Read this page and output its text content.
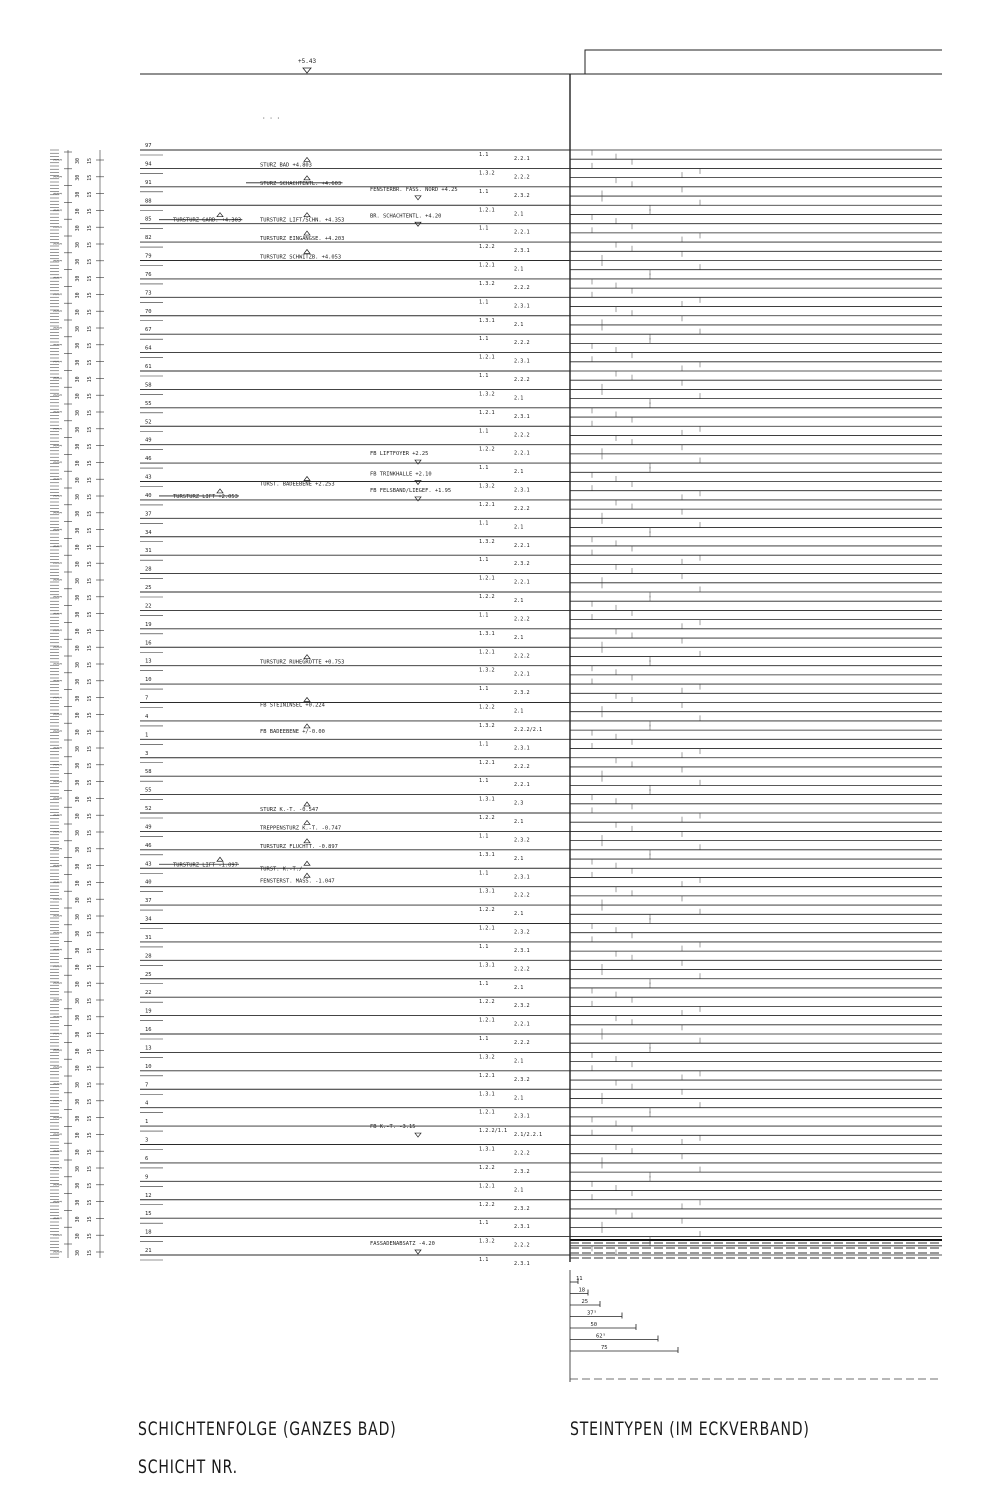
+5.43
· · ·
30 15
3 3 3
30 15
3 3 3
30 15
3 3 3
30 15
3 3 3
30 15
3 3 3
30 15
3 3 3
30 15
3 3 3
30 15
3 3 3
30 15
3 3 3
30 15
3 3 3
30 15
3 3 3
30 15
3 3 3
30 15
3 3 3
30 15
3 3 3
30 15
3 3 3
30 15
3 3 3
30 15
3 3 3
30 15
3 3 3
30 15
3 3 3
30 15
3 3 3
30 15
3 3 3
30 15
3 3 3
30 15
3 3 3
30 15
3 3 3
30 15
3 3 3
30 15
3 3 3
30 15
3 3 3
30 15
3 3 3
30 15
3 3 3
30 15
3 3 3
30 15
3 3 3
30 15
3 3 3
30 15
3 3 3
30 15
3 3 3
30 15
3 3 3
30 15
3 3 3
30 15
3 3 3
30 15
3 3 3
30 15
3 3 3
30 15
3 3 3
30 15
3 3 3
30 15
3 3 3
30 15
3 3 3
30 15
3 3 3
30 15
3 3 3
30 15
3 3 3
30 15
3 3 3
30 15
3 3 3
30 15
3 3 3
30 15
3 3 3
30 15
3 3 3
30 15
3 3 3
30 15
3 3 3
30 15
3 3 3
30 15
3 3 3
30 15
3 3 3
30 15
3 3 3
30 15
3 3 3
30 15
3 3 3
30 15
3 3 3
30 15
3 3 3
30 15
3 3 3
30 15
3 3 3
30 15
3 3 3
30 15
3 3 3
30 15
3 3 3
97
94
91
88
85
82
79
76
73
70
67
64
61
58
55
52
49
46
43
40
37
34
31
28
25
22
19
16
13
10
7
4
1
3
58
55
52
49
46
43
40
37
34
31
28
25
22
19
16
13
10
7
4
1
3
6
9
12
15
18
21
STURZ BAD +4.803
STURZ SCHACHTENTL. +4.603
FENSTERBR. FASS. NORD +4.25
BR. SCHACHTENTL. +4.20
TURSTURZ GARD. +4.303	TURSTURZ LIFT/SCHN. +4.353
TURSTURZ EINGANGSE. +4.203
TURSTURZ SCHWITZB. +4.053
FB LIFTFOYER +2.25
FB TRINKHALLE +2.10
TURST. BADEEBENE +2.253
FB FELSBAND/LIEGEF. +1.95
TURSTURZ LIFT +2.053
TURSTURZ RUHEGROTTE +0.753
FB STEININSEL +0.224
FB BADEEBENE +/-0.00
STURZ K.-T. -0.547
TREPPENSTURZ K.-T. -0.747
TURSTURZ FLUCHTT. -0.897
TURST. K.-T./
FENSTERST. MASS. -1.047
TURSTURZ LIFT -1.097
FB K.-T. -3.15
FASSADENABSATZ -4.20
1.1
1.3.2
1.1
1.2.1
1.1
1.2.2
1.2.1
1.3.2
1.1
1.3.1
1.1
1.2.1
1.1
1.3.2
1.2.1
1.1
1.2.2
1.1
1.3.2
1.2.1
1.1
1.3.2
1.1
1.2.1
1.2.2
1.1
1.3.1
1.2.1
1.3.2
1.1
1.2.2
1.3.2
1.1
1.2.1
1.1
1.3.1
1.2.2
1.1
1.3.1
1.1
1.3.1
1.2.2
1.2.1
1.1
1.3.1
1.1
1.2.2
1.2.1
1.1
1.3.2
1.2.1
1.3.1
1.2.1
1.2.2/1.1
1.3.1
1.2.2
1.2.1
1.2.2
1.1
1.3.2
1.1
2.2.1
2.2.2
2.3.2
2.1
2.2.1
2.3.1
2.1
2.2.2
2.3.1
2.1
2.2.2
2.3.1
2.2.2
2.1
2.3.1
2.2.2
2.2.1
2.1
2.3.1
2.2.2
2.1
2.2.1
2.3.2
2.2.1
2.1
2.2.2
2.1
2.2.2
2.2.1
2.3.2
2.1
2.2.2/2.1
2.3.1
2.2.2
2.2.1
2.3
2.1
2.3.2
2.1
2.3.1
2.2.2
2.1
2.3.2
2.3.1
2.2.2
2.1
2.3.2
2.2.1
2.2.2
2.1
2.3.2
2.1
2.3.1
2.1/2.2.1
2.2.2
2.3.2
2.1
2.3.2
2.3.1
2.2.2
2.3.1
11
18
25
37⁵
50
62⁵
75
SCHICHTENFOLGE (GANZES BAD)
SCHICHT NR.
STEINTYPEN (IM ECKVERBAND)
